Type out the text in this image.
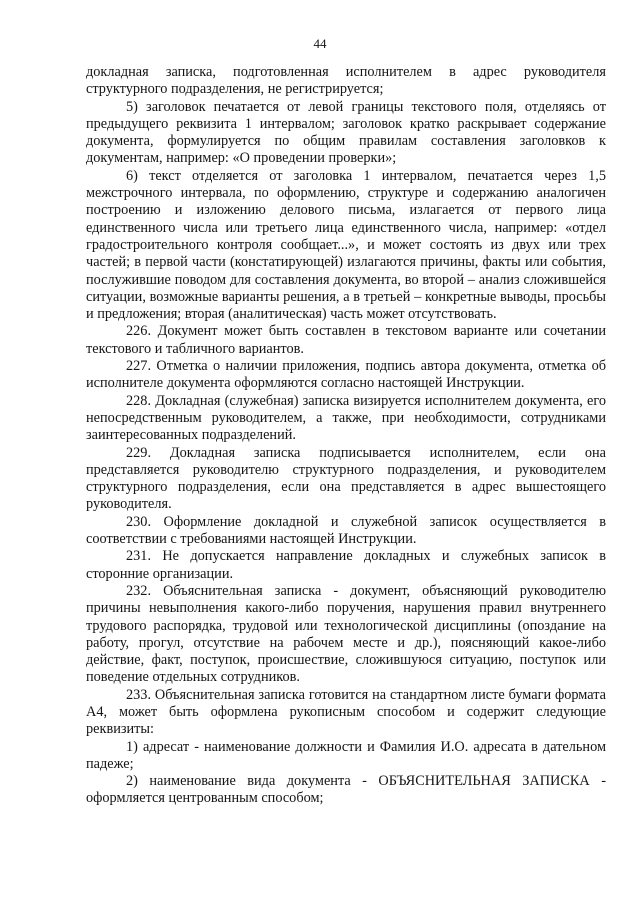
44

докладная записка, подготовленная исполнителем в адрес руководителя структурного подразделения, не регистрируется;

5) заголовок печатается от левой границы текстового поля, отделяясь от предыдущего реквизита 1 интервалом; заголовок кратко раскрывает содержание документа, формулируется по общим правилам составления заголовков к документам, например: «О проведении проверки»;

6) текст отделяется от заголовка 1 интервалом, печатается через 1,5 межстрочного интервала, по оформлению, структуре и содержанию аналогичен построению и изложению делового письма, излагается от первого лица единственного числа или третьего лица единственного числа, например: «отдел градостроительного контроля сообщает...», и может состоять из двух или трех частей; в первой части (констатирующей) излагаются причины, факты или события, послужившие поводом для составления документа, во второй – анализ сложившейся ситуации, возможные варианты решения, а в третьей – конкретные выводы, просьбы и предложения; вторая (аналитическая) часть может отсутствовать.

226. Документ может быть составлен в текстовом варианте или сочетании текстового и табличного вариантов.

227. Отметка о наличии приложения, подпись автора документа, отметка об исполнителе документа оформляются согласно настоящей Инструкции.

228. Докладная (служебная) записка визируется исполнителем документа, его непосредственным руководителем, а также, при необходимости, сотрудниками заинтересованных подразделений.

229. Докладная записка подписывается исполнителем, если она представляется руководителю структурного подразделения, и руководителем структурного подразделения, если она представляется в адрес вышестоящего руководителя.

230. Оформление докладной и служебной записок осуществляется в соответствии с требованиями настоящей Инструкции.

231. Не допускается направление докладных и служебных записок в сторонние организации.

232. Объяснительная записка - документ, объясняющий руководителю причины невыполнения какого-либо поручения, нарушения правил внутреннего трудового распорядка, трудовой или технологической дисциплины (опоздание на работу, прогул, отсутствие на рабочем месте и др.), поясняющий какое-либо действие, факт, поступок, происшествие, сложившуюся ситуацию, поступок или поведение отдельных сотрудников.

233. Объяснительная записка готовится на стандартном листе бумаги формата А4, может быть оформлена рукописным способом и содержит следующие реквизиты:

1) адресат - наименование должности и Фамилия И.О. адресата в дательном падеже;

2) наименование вида документа - ОБЪЯСНИТЕЛЬНАЯ ЗАПИСКА - оформляется центрованным способом;
